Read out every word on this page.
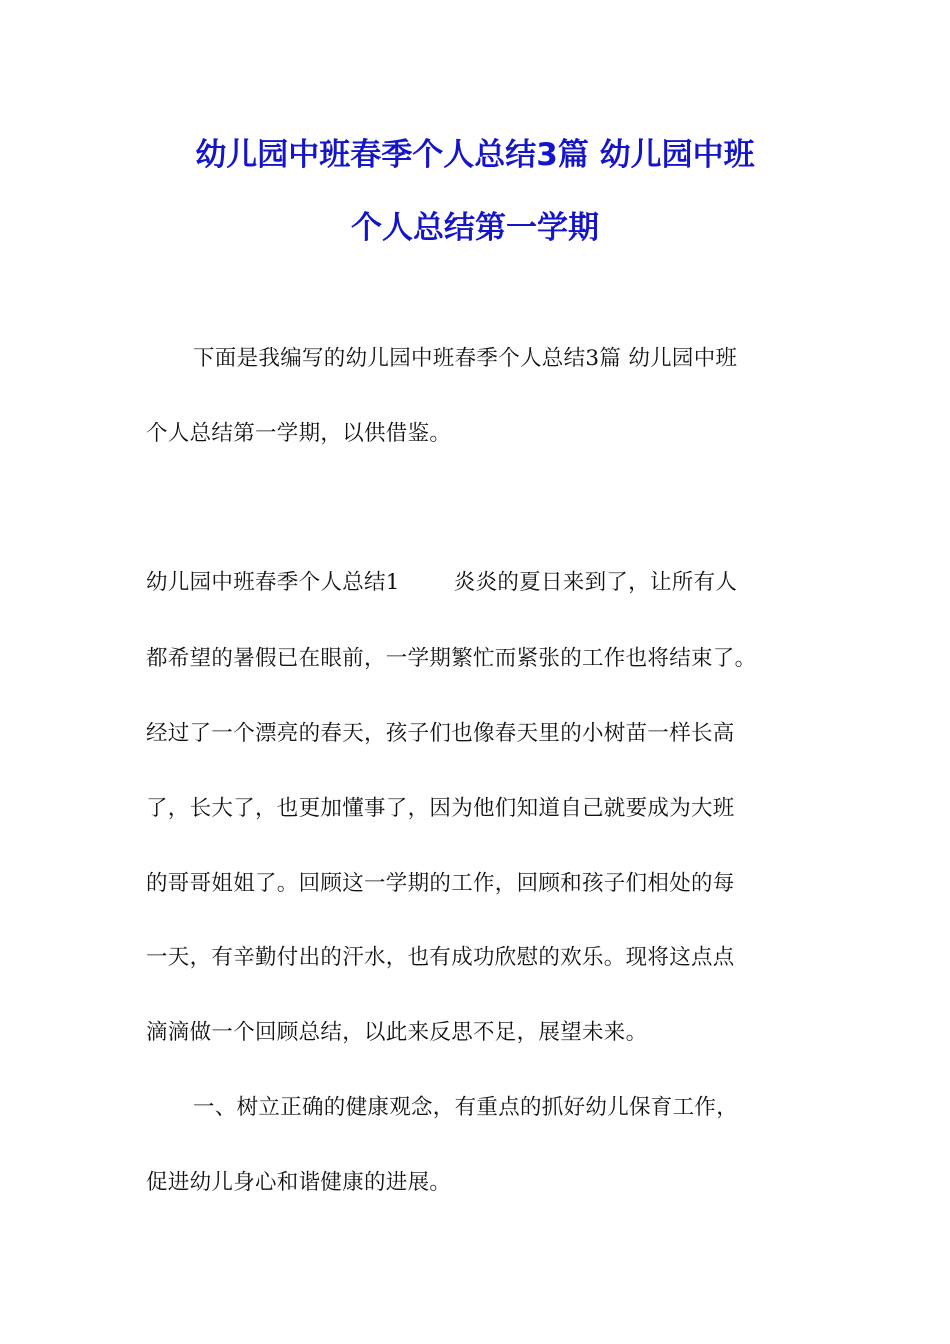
幼儿园中班春季个人总结3篇 幼儿园中班
个人总结第一学期
下面是我编写的幼儿园中班春季个人总结3篇 幼儿园中班
个人总结第一学期，以供借鉴。
幼儿园中班春季个人总结1	炎炎的夏日来到了，让所有人
都希望的暑假已在眼前，一学期繁忙而紧张的工作也将结束了。
经过了一个漂亮的春天，孩子们也像春天里的小树苗一样长高
了，长大了，也更加懂事了，因为他们知道自己就要成为大班
的哥哥姐姐了。回顾这一学期的工作，回顾和孩子们相处的每
一天，有辛勤付出的汗水，也有成功欣慰的欢乐。现将这点点
滴滴做一个回顾总结，以此来反思不足，展望未来。
一、树立正确的健康观念，有重点的抓好幼儿保育工作，
促进幼儿身心和谐健康的进展。
